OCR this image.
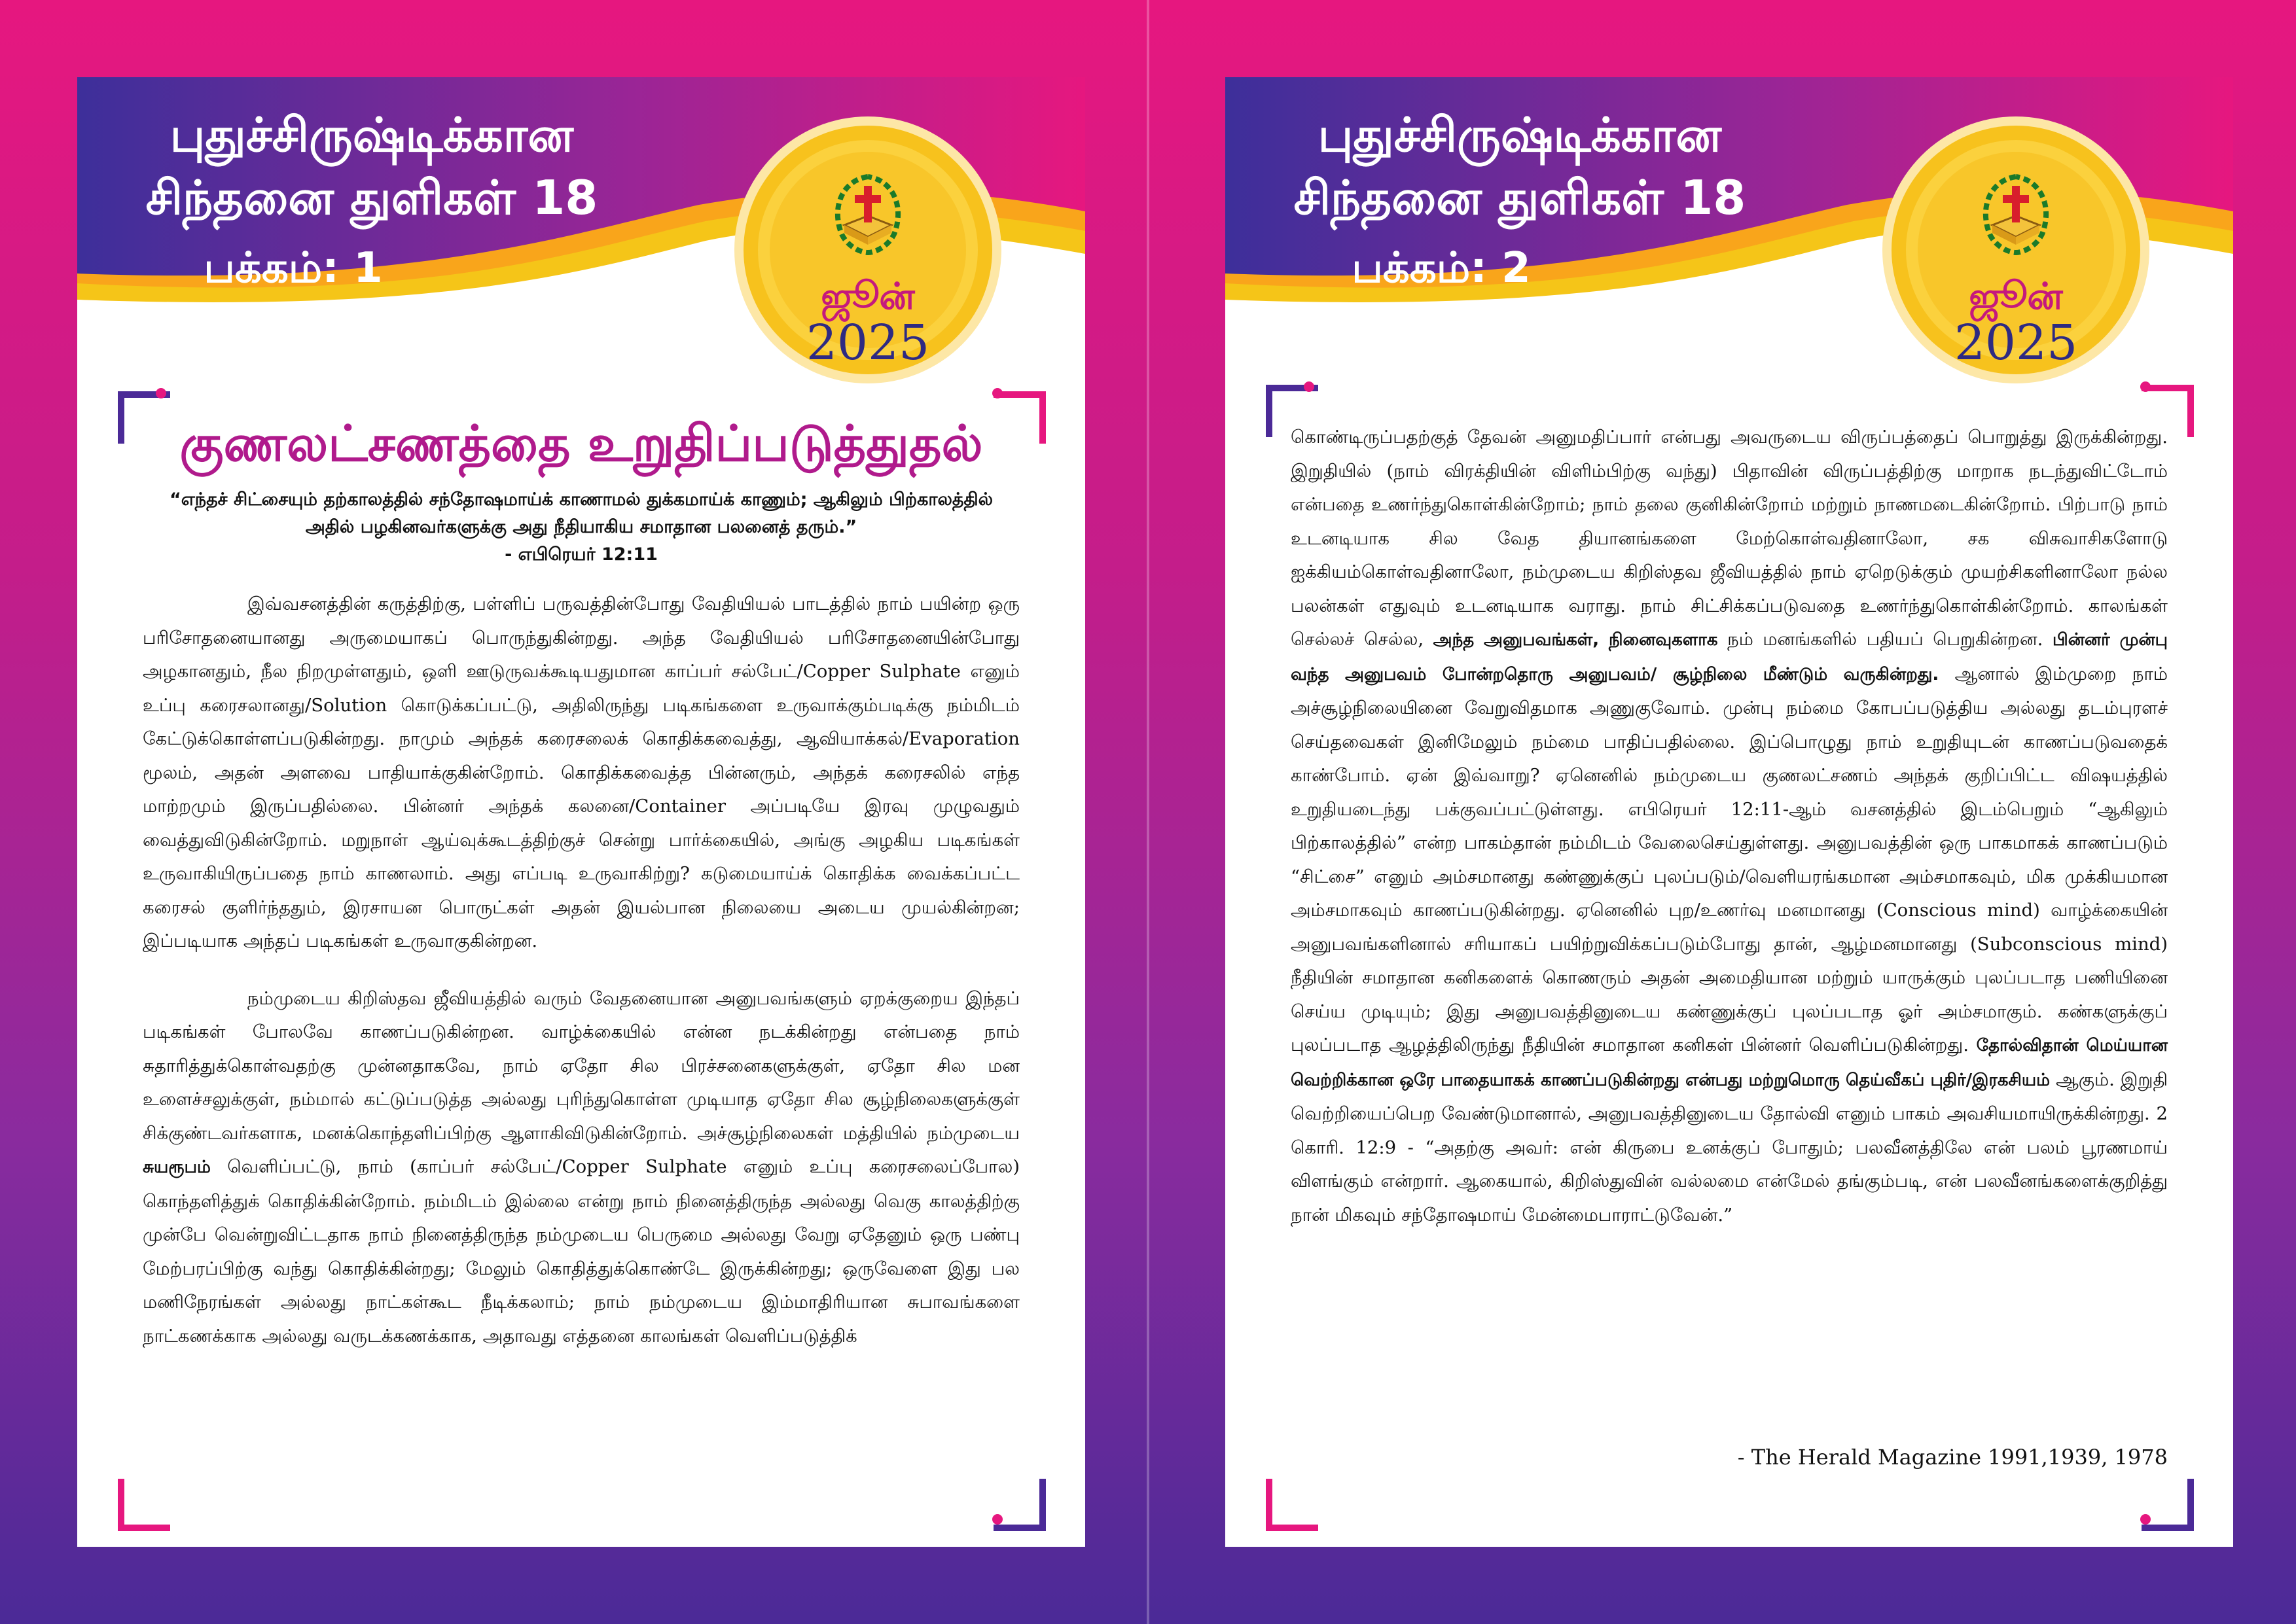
புதுச்சிருஷ்டிக்கான
சிந்தனை துளிகள் 18
பக்கம்: 1
ஜூன்
2025
குணலட்சணத்தை உறுதிப்படுத்துதல்
“எந்தச் சிட்சையும் தற்காலத்தில் சந்தோஷமாய்க் காணாமல் துக்கமாய்க் காணும்; ஆகிலும் பிற்காலத்தில் அதில் பழகினவர்களுக்கு அது நீதியாகிய சமாதான பலனைத் தரும்.”
- எபிரெயர் 12:11

இவ்வசனத்தின் கருத்திற்கு, பள்ளிப் பருவத்தின்போது வேதியியல் பாடத்தில் நாம் பயின்ற ஒரு பரிசோதனையானது அருமையாகப் பொருந்துகின்றது. அந்த வேதியியல் பரிசோதனையின்போது அழகானதும், நீல நிறமுள்ளதும், ஒளி ஊடுருவக்கூடியதுமான காப்பர் சல்பேட்/Copper Sulphate எனும் உப்பு கரைசலானது/Solution கொடுக்கப்பட்டு, அதிலிருந்து படிகங்களை உருவாக்கும்படிக்கு நம்மிடம் கேட்டுக்கொள்ளப்படுகின்றது. நாமும் அந்தக் கரைசலைக் கொதிக்கவைத்து, ஆவியாக்கல்/Evaporation மூலம், அதன் அளவை பாதியாக்குகின்றோம். கொதிக்கவைத்த பின்னரும், அந்தக் கரைசலில் எந்த மாற்றமும் இருப்பதில்லை. பின்னர் அந்தக் கலனை/Container அப்படியே இரவு முழுவதும் வைத்துவிடுகின்றோம். மறுநாள் ஆய்வுக்கூடத்திற்குச் சென்று பார்க்கையில், அங்கு அழகிய படிகங்கள் உருவாகியிருப்பதை நாம் காணலாம். அது எப்படி உருவாகிற்று? கடுமையாய்க் கொதிக்க வைக்கப்பட்ட கரைசல் குளிர்ந்ததும், இரசாயன பொருட்கள் அதன் இயல்பான நிலையை அடைய முயல்கின்றன; இப்படியாக அந்தப் படிகங்கள் உருவாகுகின்றன.

நம்முடைய கிறிஸ்தவ ஜீவியத்தில் வரும் வேதனையான அனுபவங்களும் ஏறக்குறைய இந்தப் படிகங்கள் போலவே காணப்படுகின்றன. வாழ்க்கையில் என்ன நடக்கின்றது என்பதை நாம் சுதாரித்துக்கொள்வதற்கு முன்னதாகவே, நாம் ஏதோ சில பிரச்சனைகளுக்குள், ஏதோ சில மன உளைச்சலுக்குள், நம்மால் கட்டுப்படுத்த அல்லது புரிந்துகொள்ள முடியாத ஏதோ சில சூழ்நிலைகளுக்குள் சிக்குண்டவர்களாக, மனக்கொந்தளிப்பிற்கு ஆளாகிவிடுகின்றோம். அச்சூழ்நிலைகள் மத்தியில் நம்முடைய சுயரூபம் வெளிப்பட்டு, நாம் (காப்பர் சல்பேட்/Copper Sulphate எனும் உப்பு கரைசலைப்போல) கொந்தளித்துக் கொதிக்கின்றோம். நம்மிடம் இல்லை என்று நாம் நினைத்திருந்த அல்லது வெகு காலத்திற்கு முன்பே வென்றுவிட்டதாக நாம் நினைத்திருந்த நம்முடைய பெருமை அல்லது வேறு ஏதேனும் ஒரு பண்பு மேற்பரப்பிற்கு வந்து கொதிக்கின்றது; மேலும் கொதித்துக்கொண்டே இருக்கின்றது; ஒருவேளை இது பல மணிநேரங்கள் அல்லது நாட்கள்கூட நீடிக்கலாம்; நாம் நம்முடைய இம்மாதிரியான சுபாவங்களை நாட்கணக்காக அல்லது வருடக்கணக்காக, அதாவது எத்தனை காலங்கள் வெளிப்படுத்திக்

புதுச்சிருஷ்டிக்கான
சிந்தனை துளிகள் 18
பக்கம்: 2
ஜூன்
2025

கொண்டிருப்பதற்குத் தேவன் அனுமதிப்பார் என்பது அவருடைய விருப்பத்தைப் பொறுத்து இருக்கின்றது. இறுதியில் (நாம் விரக்தியின் விளிம்பிற்கு வந்து) பிதாவின் விருப்பத்திற்கு மாறாக நடந்துவிட்டோம் என்பதை உணர்ந்துகொள்கின்றோம்; நாம் தலை குனிகின்றோம் மற்றும் நாணமடைகின்றோம். பிற்பாடு நாம் உடனடியாக சில வேத தியானங்களை மேற்கொள்வதினாலோ, சக விசுவாசிகளோடு ஐக்கியம்கொள்வதினாலோ, நம்முடைய கிறிஸ்தவ ஜீவியத்தில் நாம் ஏறெடுக்கும் முயற்சிகளினாலோ நல்ல பலன்கள் எதுவும் உடனடியாக வராது. நாம் சிட்சிக்கப்படுவதை உணர்ந்துகொள்கின்றோம். காலங்கள் செல்லச் செல்ல, அந்த அனுபவங்கள், நினைவுகளாக நம் மனங்களில் பதியப் பெறுகின்றன. பின்னர் முன்பு வந்த அனுபவம் போன்றதொரு அனுபவம்/ சூழ்நிலை மீண்டும் வருகின்றது. ஆனால் இம்முறை நாம் அச்சூழ்நிலையினை வேறுவிதமாக அணுகுவோம். முன்பு நம்மை கோபப்படுத்திய அல்லது தடம்புரளச் செய்தவைகள் இனிமேலும் நம்மை பாதிப்பதில்லை. இப்பொழுது நாம் உறுதியுடன் காணப்படுவதைக் காண்போம். ஏன் இவ்வாறு? ஏனெனில் நம்முடைய குணலட்சணம் அந்தக் குறிப்பிட்ட விஷயத்தில் உறுதியடைந்து பக்குவப்பட்டுள்ளது. எபிரெயர் 12:11-ஆம் வசனத்தில் இடம்பெறும் “ஆகிலும் பிற்காலத்தில்” என்ற பாகம்தான் நம்மிடம் வேலைசெய்துள்ளது. அனுபவத்தின் ஒரு பாகமாகக் காணப்படும் “சிட்சை” எனும் அம்சமானது கண்ணுக்குப் புலப்படும்/வெளியரங்கமான அம்சமாகவும், மிக முக்கியமான அம்சமாகவும் காணப்படுகின்றது. ஏனெனில் புற/உணர்வு மனமானது (Conscious mind) வாழ்க்கையின் அனுபவங்களினால் சரியாகப் பயிற்றுவிக்கப்படும்போது தான், ஆழ்மனமானது (Subconscious mind) நீதியின் சமாதான கனிகளைக் கொணரும் அதன் அமைதியான மற்றும் யாருக்கும் புலப்படாத பணியினை செய்ய முடியும்; இது அனுபவத்தினுடைய கண்ணுக்குப் புலப்படாத ஓர் அம்சமாகும். கண்களுக்குப் புலப்படாத ஆழத்திலிருந்து நீதியின் சமாதான கனிகள் பின்னர் வெளிப்படுகின்றது. தோல்விதான் மெய்யான வெற்றிக்கான ஒரே பாதையாகக் காணப்படுகின்றது என்பது மற்றுமொரு தெய்வீகப் புதிர்/இரகசியம் ஆகும். இறுதி வெற்றியைப்பெற வேண்டுமானால், அனுபவத்தினுடைய தோல்வி எனும் பாகம் அவசியமாயிருக்கின்றது. 2 கொரி. 12:9 - “அதற்கு அவர்: என் கிருபை உனக்குப் போதும்; பலவீனத்திலே என் பலம் பூரணமாய் விளங்கும் என்றார். ஆகையால், கிறிஸ்துவின் வல்லமை என்மேல் தங்கும்படி, என் பலவீனங்களைக்குறித்து நான் மிகவும் சந்தோஷமாய் மேன்மைபாராட்டுவேன்.”

- The Herald Magazine 1991,1939, 1978
